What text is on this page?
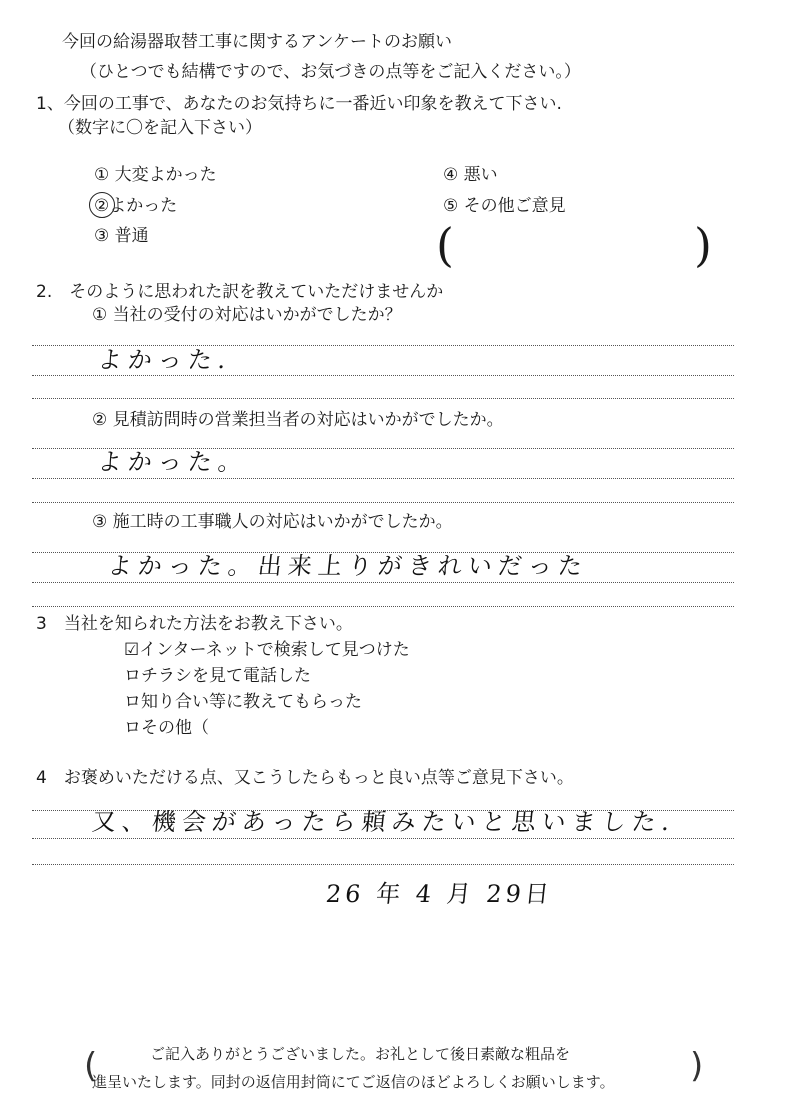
今回の給湯器取替工事に関するアンケートのお願い
（ひとつでも結構ですので、お気づきの点等をご記入ください。）
1、今回の工事で、あなたのお気持ちに一番近い印象を教えて下さい.
（数字に〇を記入下さい）
① 大変よかった
②よかった
③ 普通
④ 悪い
⑤ その他ご意見
(	)
2.　そのように思われた訳を教えていただけませんか
① 当社の受付の対応はいかがでしたか？
よかった.
② 見積訪問時の営業担当者の対応はいかがでしたか。
よかった。
③ 施工時の工事職人の対応はいかがでしたか。
よかった。出来上りがきれいだった
3　当社を知られた方法をお教え下さい。
☑インターネットで検索して見つけた
ロチラシを見て電話した
ロ知り合い等に教えてもらった
ロその他（
4　お褒めいただける点、又こうしたらもっと良い点等ご意見下さい。
又、機会があったら頼みたいと思いました.
26 年 4 月 29日
(	)
ご記入ありがとうございました。お礼として後日素敵な粗品を
進呈いたします。同封の返信用封筒にてご返信のほどよろしくお願いします。
